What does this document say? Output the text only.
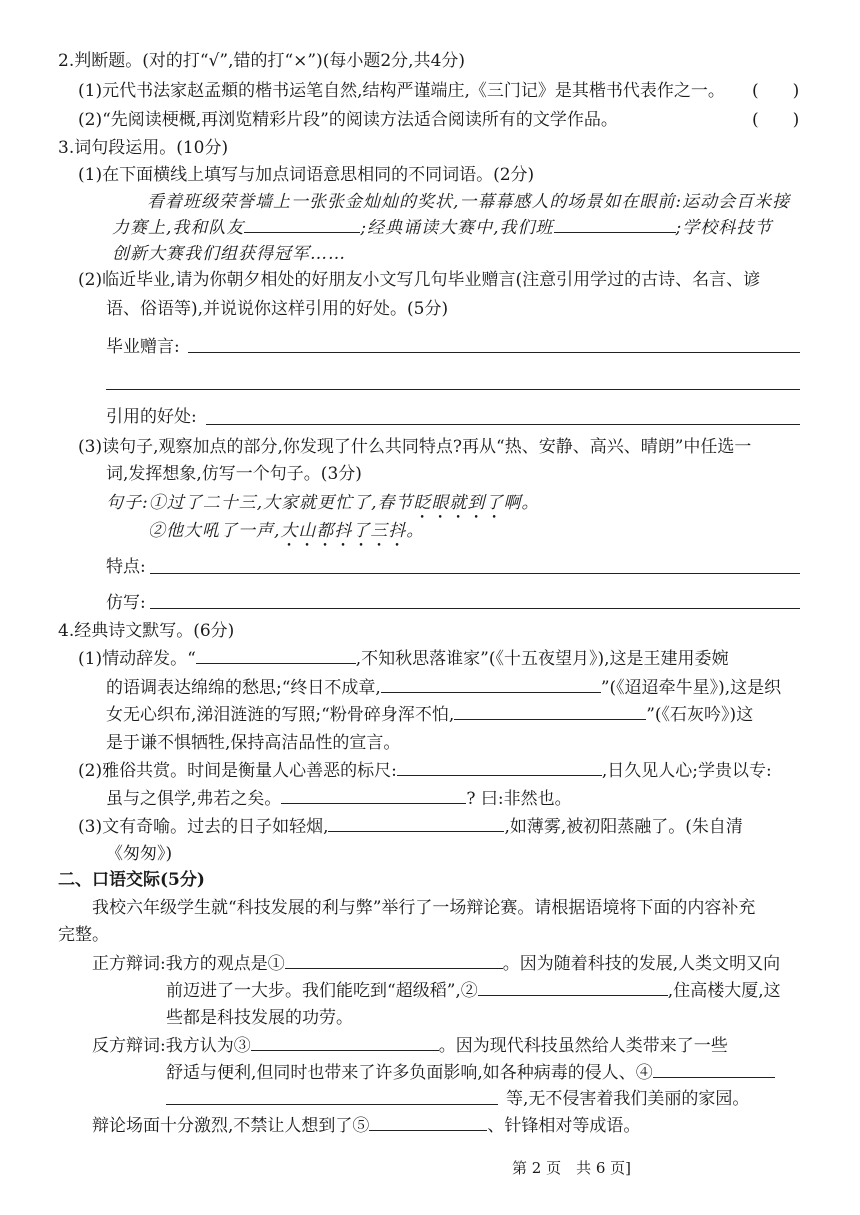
2.判断题。(对的打“√”,错的打“×”)(每小题2分,共4分)
(1)元代书法家赵孟頫的楷书运笔自然,结构严谨端庄,《三门记》是其楷书代表作之一。 (　　)
(2)“先阅读梗概,再浏览精彩片段”的阅读方法适合阅读所有的文学作品。	(　　)
3.词句段运用。(10分)
(1)在下面横线上填写与加点词语意思相同的不同词语。(2分)
看着班级荣誉墙上一张张金灿灿的奖状,一幕幕感人的场景如在眼前:运动会百米接
力赛上,我和队友	;经典诵读大赛中,我们班	;学校科技节
创新大赛我们组获得冠军……
(2)临近毕业,请为你朝夕相处的好朋友小文写几句毕业赠言(注意引用学过的古诗、名言、谚
语、俗语等),并说说你这样引用的好处。(5分)
毕业赠言:
引用的好处:
(3)读句子,观察加点的部分,你发现了什么共同特点?再从“热、安静、高兴、晴朗”中任选一
词,发挥想象,仿写一个句子。(3分)
句子:①过了二十三,大家就更忙了,春节眨眼就到了啊。
②他大吼了一声,大山都抖了三抖。
特点:
仿写:
4.经典诗文默写。(6分)
(1)情动辞发。“	,不知秋思落谁家”(《十五夜望月》),这是王建用委婉
的语调表达绵绵的愁思;“终日不成章,	”(《迢迢牵牛星》),这是织
女无心织布,涕泪涟涟的写照;“粉骨碎身浑不怕,	”(《石灰吟》)这
是于谦不惧牺牲,保持高洁品性的宣言。
(2)雅俗共赏。时间是衡量人心善恶的标尺:	,日久见人心;学贵以专:
虽与之俱学,弗若之矣。	? 曰:非然也。
(3)文有奇喻。过去的日子如轻烟,	,如薄雾,被初阳蒸融了。(朱自清
《匆匆》)
二、口语交际(5分)
我校六年级学生就“科技发展的利与弊”举行了一场辩论赛。请根据语境将下面的内容补充
完整。
正方辩词:我方的观点是①	。因为随着科技的发展,人类文明又向
前迈进了一大步。我们能吃到“超级稻”,②	,住高楼大厦,这
些都是科技发展的功劳。
反方辩词:我方认为③	。因为现代科技虽然给人类带来了一些
舒适与便利,但同时也带来了许多负面影响,如各种病毒的侵人、④
等,无不侵害着我们美丽的家园。
辩论场面十分激烈,不禁让人想到了⑤	、针锋相对等成语。
第 2 页　共 6 页]
